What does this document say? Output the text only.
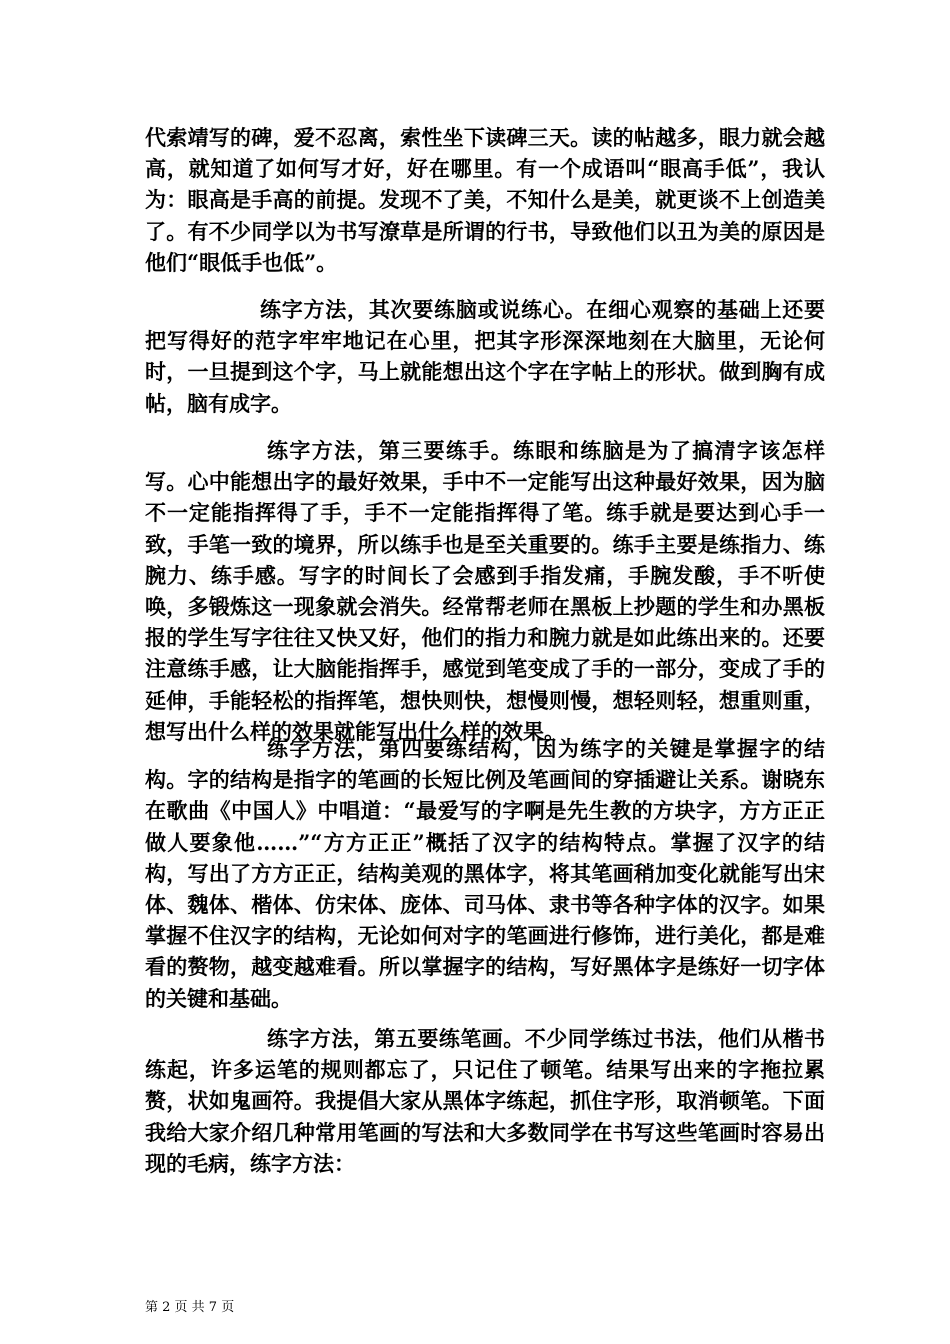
代索靖写的碑，爱不忍离，索性坐下读碑三天。读的帖越多，眼力就会越高，就知道了如何写才好，好在哪里。有一个成语叫“眼高手低”，我认为：眼高是手高的前提。发现不了美，不知什么是美，就更谈不上创造美了。有不少同学以为书写潦草是所谓的行书，导致他们以丑为美的原因是他们“眼低手也低”。

练字方法，其次要练脑或说练心。在细心观察的基础上还要把写得好的范字牢牢地记在心里，把其字形深深地刻在大脑里，无论何时，一旦提到这个字，马上就能想出这个字在字帖上的形状。做到胸有成帖，脑有成字。

练字方法，第三要练手。练眼和练脑是为了搞清字该怎样写。心中能想出字的最好效果，手中不一定能写出这种最好效果，因为脑不一定能指挥得了手，手不一定能指挥得了笔。练手就是要达到心手一致，手笔一致的境界，所以练手也是至关重要的。练手主要是练指力、练腕力、练手感。写字的时间长了会感到手指发痛，手腕发酸，手不听使唤，多锻炼这一现象就会消失。经常帮老师在黑板上抄题的学生和办黑板报的学生写字往往又快又好，他们的指力和腕力就是如此练出来的。还要注意练手感，让大脑能指挥手，感觉到笔变成了手的一部分，变成了手的延伸，手能轻松的指挥笔，想快则快，想慢则慢，想轻则轻，想重则重，想写出什么样的效果就能写出什么样的效果。

练字方法，第四要练结构，因为练字的关键是掌握字的结构。字的结构是指字的笔画的长短比例及笔画间的穿插避让关系。谢晓东在歌曲《中国人》中唱道：“最爱写的字啊是先生教的方块字，方方正正做人要象他……”“方方正正”概括了汉字的结构特点。掌握了汉字的结构，写出了方方正正，结构美观的黑体字，将其笔画稍加变化就能写出宋体、魏体、楷体、仿宋体、庞体、司马体、隶书等各种字体的汉字。如果掌握不住汉字的结构，无论如何对字的笔画进行修饰，进行美化，都是难看的赘物，越变越难看。所以掌握字的结构，写好黑体字是练好一切字体的关键和基础。

练字方法，第五要练笔画。不少同学练过书法，他们从楷书练起，许多运笔的规则都忘了，只记住了顿笔。结果写出来的字拖拉累赘，状如鬼画符。我提倡大家从黑体字练起，抓住字形，取消顿笔。下面我给大家介绍几种常用笔画的写法和大多数同学在书写这些笔画时容易出现的毛病，练字方法：

第 2 页 共 7 页
